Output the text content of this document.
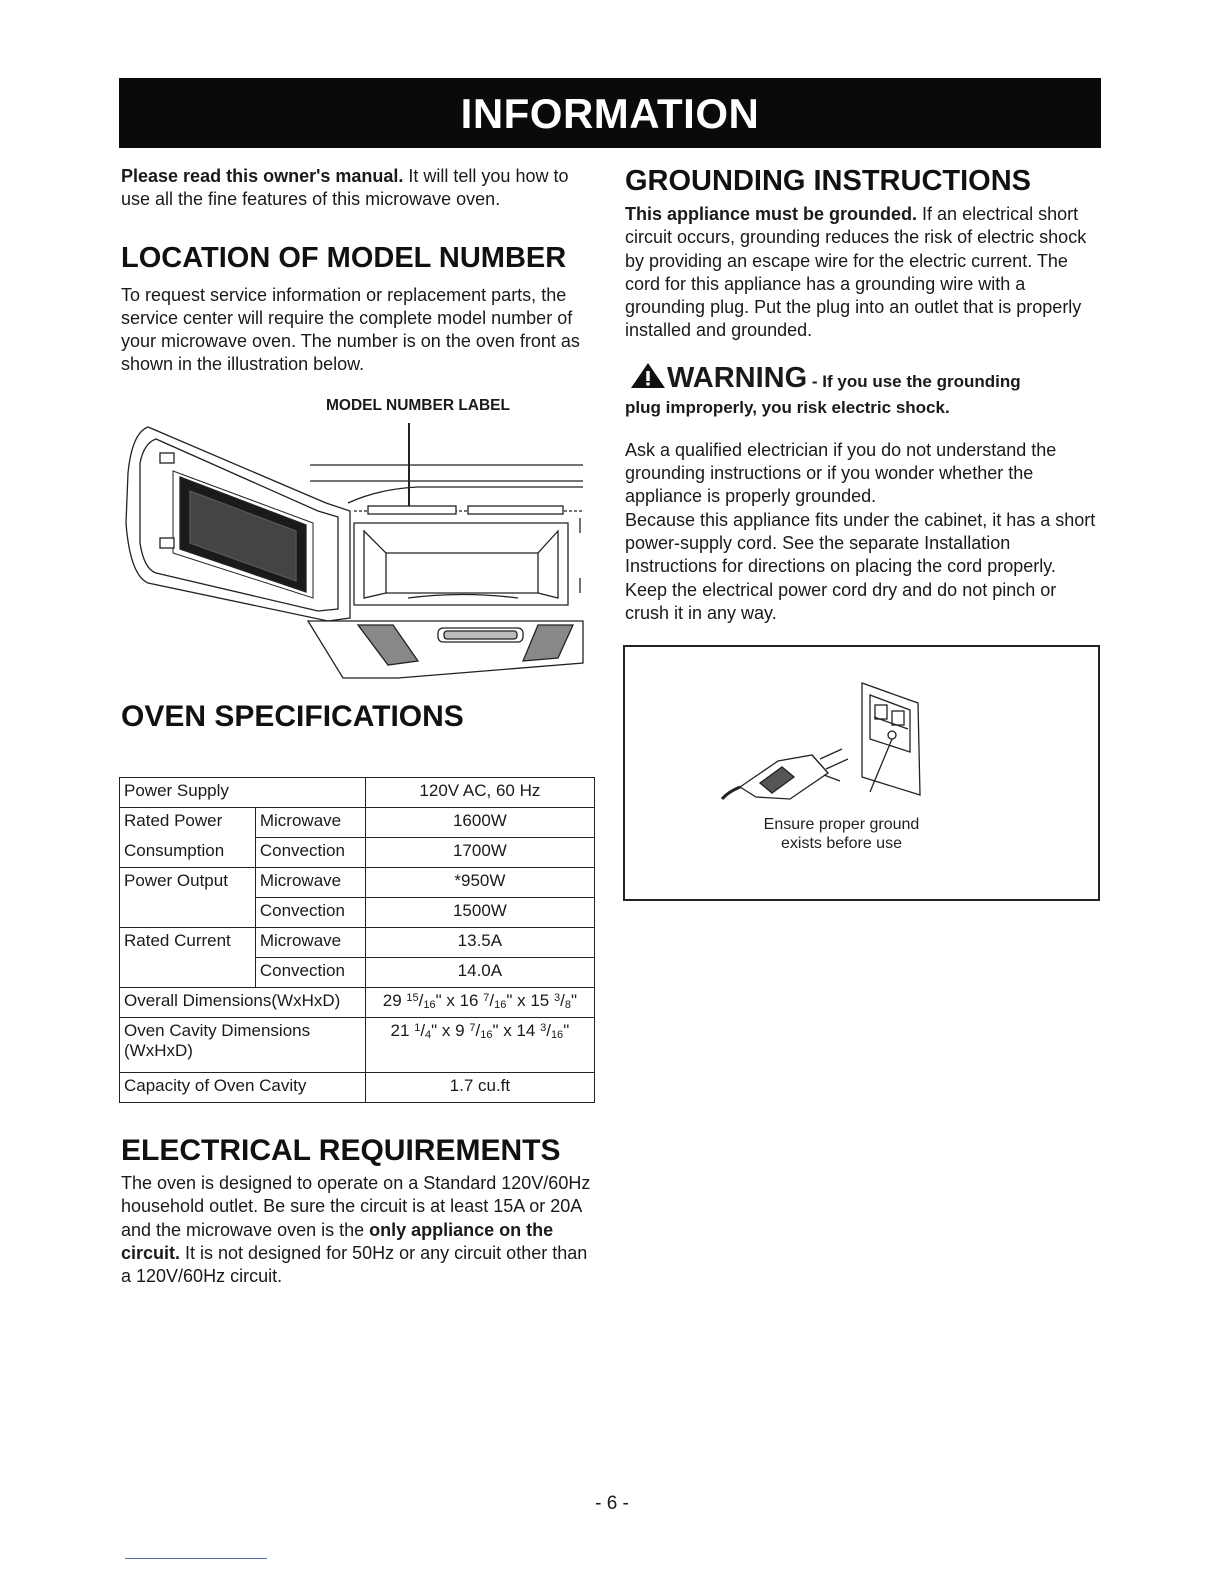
INFORMATION

Please read this owner's manual. It will tell you how to use all the fine features of this microwave oven.

LOCATION OF MODEL NUMBER

To request service information or replacement parts, the service center will require the complete model number of your microwave oven. The number is on the oven front as shown in the illustration below.

MODEL NUMBER LABEL
OVEN SPECIFICATIONS
Power Supply		120V AC, 60 Hz
Rated Power	Microwave	1600W
Consumption	Convection	1700W
Power Output	Microwave	*950W
	Convection	1500W
Rated Current	Microwave	13.5A
	Convection	14.0A
Overall Dimensions(WxHxD)		29 $^{15}/_{16}$" x 16 $^7/_{16}$" x 15 $^3/_8$"
Oven Cavity Dimensions
(WxHxD)		21 $^1/_4$" x 9 $^7/_{16}$" x 14 $^3/_{16}$"
Capacity of Oven Cavity		1.7 cu.ft
ELECTRICAL REQUIREMENTS

The oven is designed to operate on a Standard 120V/60Hz household outlet. Be sure the circuit is at least 15A or 20A and the microwave oven is the only appliance on the circuit. It is not designed for 50Hz or any circuit other than a 120V/60Hz circuit.

GROUNDING INSTRUCTIONS

This appliance must be grounded. If an electrical short circuit occurs, grounding reduces the risk of electric shock by providing an escape wire for the electric current. The cord for this appliance has a grounding wire with a grounding plug. Put the plug into an outlet that is properly installed and grounded.

WARNING - If you use the grounding
plug improperly, you risk electric shock.

Ask a qualified electrician if you do not understand the grounding instructions or if you wonder whether the appliance is properly grounded.

Because this appliance fits under the cabinet, it has a short power-supply cord. See the separate Installation Instructions for directions on placing the cord properly. Keep the electrical power cord dry and do not pinch or crush it in any way.

Ensure proper ground
exists before use
- 6 -
